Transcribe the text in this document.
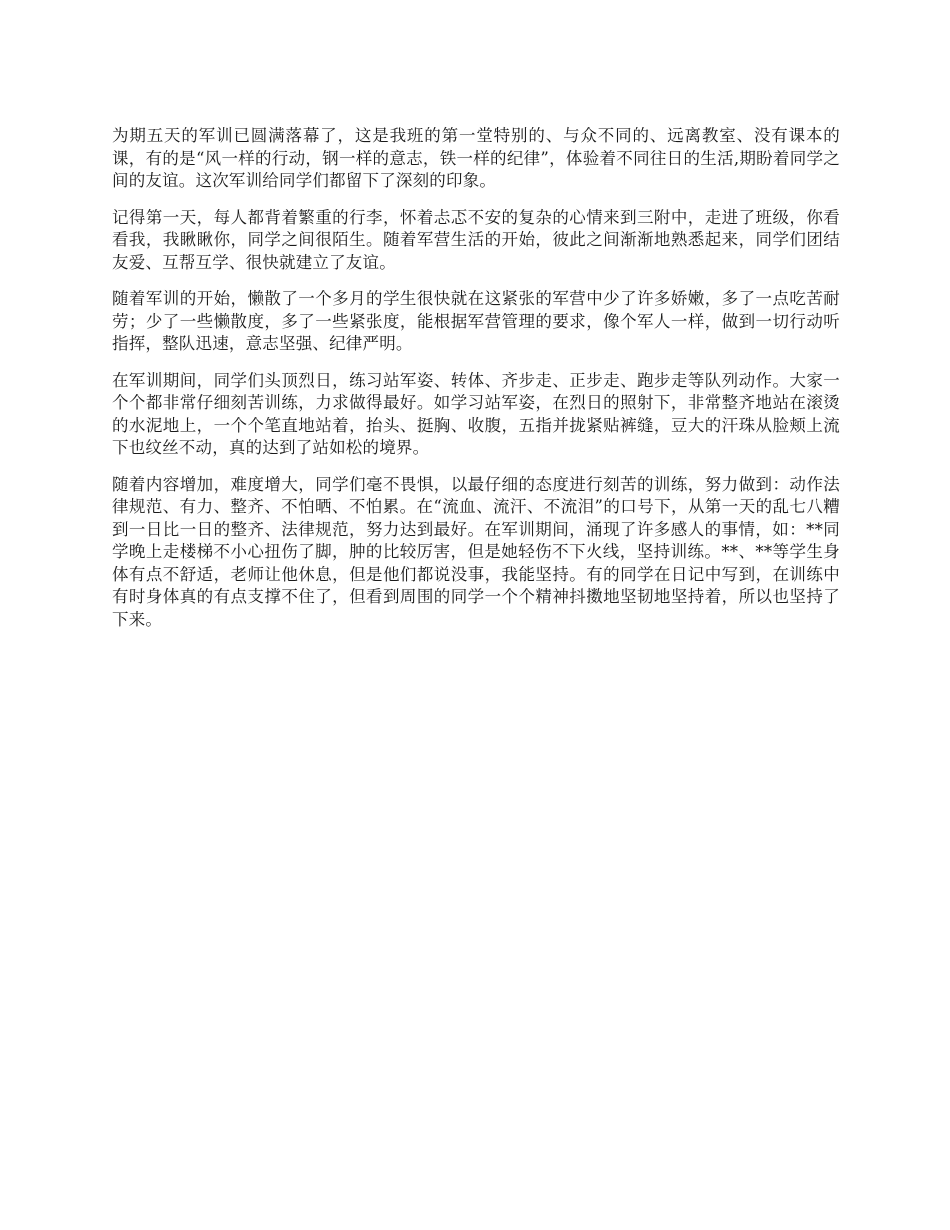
为期五天的军训已圆满落幕了，这是我班的第一堂特别的、与众不同的、远离教室、没有课本的课，有的是“风一样的行动，钢一样的意志，铁一样的纪律”，体验着不同往日的生活,期盼着同学之间的友谊。这次军训给同学们都留下了深刻的印象。

记得第一天，每人都背着繁重的行李，怀着忐忑不安的复杂的心情来到三附中，走进了班级，你看看我，我瞅瞅你，同学之间很陌生。随着军营生活的开始，彼此之间渐渐地熟悉起来，同学们团结友爱、互帮互学、很快就建立了友谊。

随着军训的开始，懒散了一个多月的学生很快就在这紧张的军营中少了许多娇嫩，多了一点吃苦耐劳；少了一些懒散度，多了一些紧张度，能根据军营管理的要求，像个军人一样，做到一切行动听指挥，整队迅速，意志坚强、纪律严明。

在军训期间，同学们头顶烈日，练习站军姿、转体、齐步走、正步走、跑步走等队列动作。大家一个个都非常仔细刻苦训练，力求做得最好。如学习站军姿，在烈日的照射下，非常整齐地站在滚烫的水泥地上，一个个笔直地站着，抬头、挺胸、收腹，五指并拢紧贴裤缝，豆大的汗珠从脸颊上流下也纹丝不动，真的达到了站如松的境界。

随着内容增加，难度增大，同学们毫不畏惧，以最仔细的态度进行刻苦的训练，努力做到：动作法律规范、有力、整齐、不怕晒、不怕累。在“流血、流汗、不流泪”的口号下，从第一天的乱七八糟到一日比一日的整齐、法律规范，努力达到最好。在军训期间，涌现了许多感人的事情，如：**同学晚上走楼梯不小心扭伤了脚，肿的比较厉害，但是她轻伤不下火线，坚持训练。**、**等学生身体有点不舒适，老师让他休息，但是他们都说没事，我能坚持。有的同学在日记中写到，在训练中有时身体真的有点支撑不住了，但看到周围的同学一个个精神抖擞地坚韧地坚持着，所以也坚持了下来。
